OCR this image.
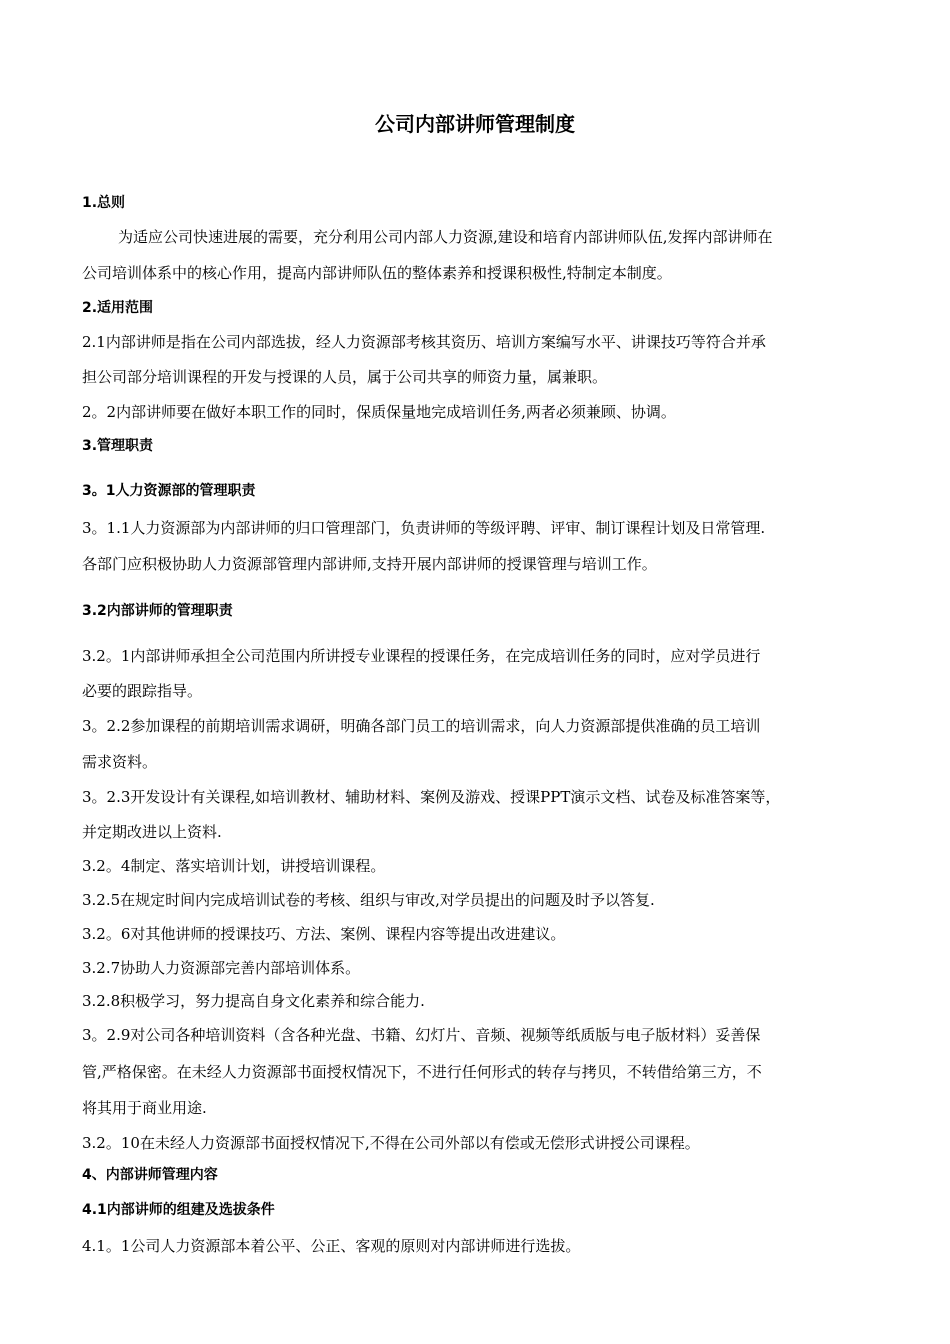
公司内部讲师管理制度
1.总则
为适应公司快速进展的需要，充分利用公司内部人力资源,建设和培育内部讲师队伍,发挥内部讲师在
公司培训体系中的核心作用，提高内部讲师队伍的整体素养和授课积极性,特制定本制度。
2.适用范围
2.1内部讲师是指在公司内部选拔，经人力资源部考核其资历、培训方案编写水平、讲课技巧等符合并承
担公司部分培训课程的开发与授课的人员，属于公司共享的师资力量，属兼职。
2。2内部讲师要在做好本职工作的同时，保质保量地完成培训任务,两者必须兼顾、协调。
3.管理职责
3。1人力资源部的管理职责
3。1.1人力资源部为内部讲师的归口管理部门，负责讲师的等级评聘、评审、制订课程计划及日常管理.
各部门应积极协助人力资源部管理内部讲师,支持开展内部讲师的授课管理与培训工作。
3.2内部讲师的管理职责
3.2。1内部讲师承担全公司范围内所讲授专业课程的授课任务，在完成培训任务的同时，应对学员进行
必要的跟踪指导。
3。2.2参加课程的前期培训需求调研，明确各部门员工的培训需求，向人力资源部提供准确的员工培训
需求资料。
3。2.3开发设计有关课程,如培训教材、辅助材料、案例及游戏、授课PPT演示文档、试卷及标准答案等，
并定期改进以上资料.
3.2。4制定、落实培训计划，讲授培训课程。
3.2.5在规定时间内完成培训试卷的考核、组织与审改,对学员提出的问题及时予以答复.
3.2。6对其他讲师的授课技巧、方法、案例、课程内容等提出改进建议。
3.2.7协助人力资源部完善内部培训体系。
3.2.8积极学习，努力提高自身文化素养和综合能力.
3。2.9对公司各种培训资料（含各种光盘、书籍、幻灯片、音频、视频等纸质版与电子版材料）妥善保
管,严格保密。在未经人力资源部书面授权情况下，不进行任何形式的转存与拷贝，不转借给第三方，不
将其用于商业用途.
3.2。10在未经人力资源部书面授权情况下,不得在公司外部以有偿或无偿形式讲授公司课程。
4、内部讲师管理内容
4.1内部讲师的组建及选拔条件
4.1。1公司人力资源部本着公平、公正、客观的原则对内部讲师进行选拔。
